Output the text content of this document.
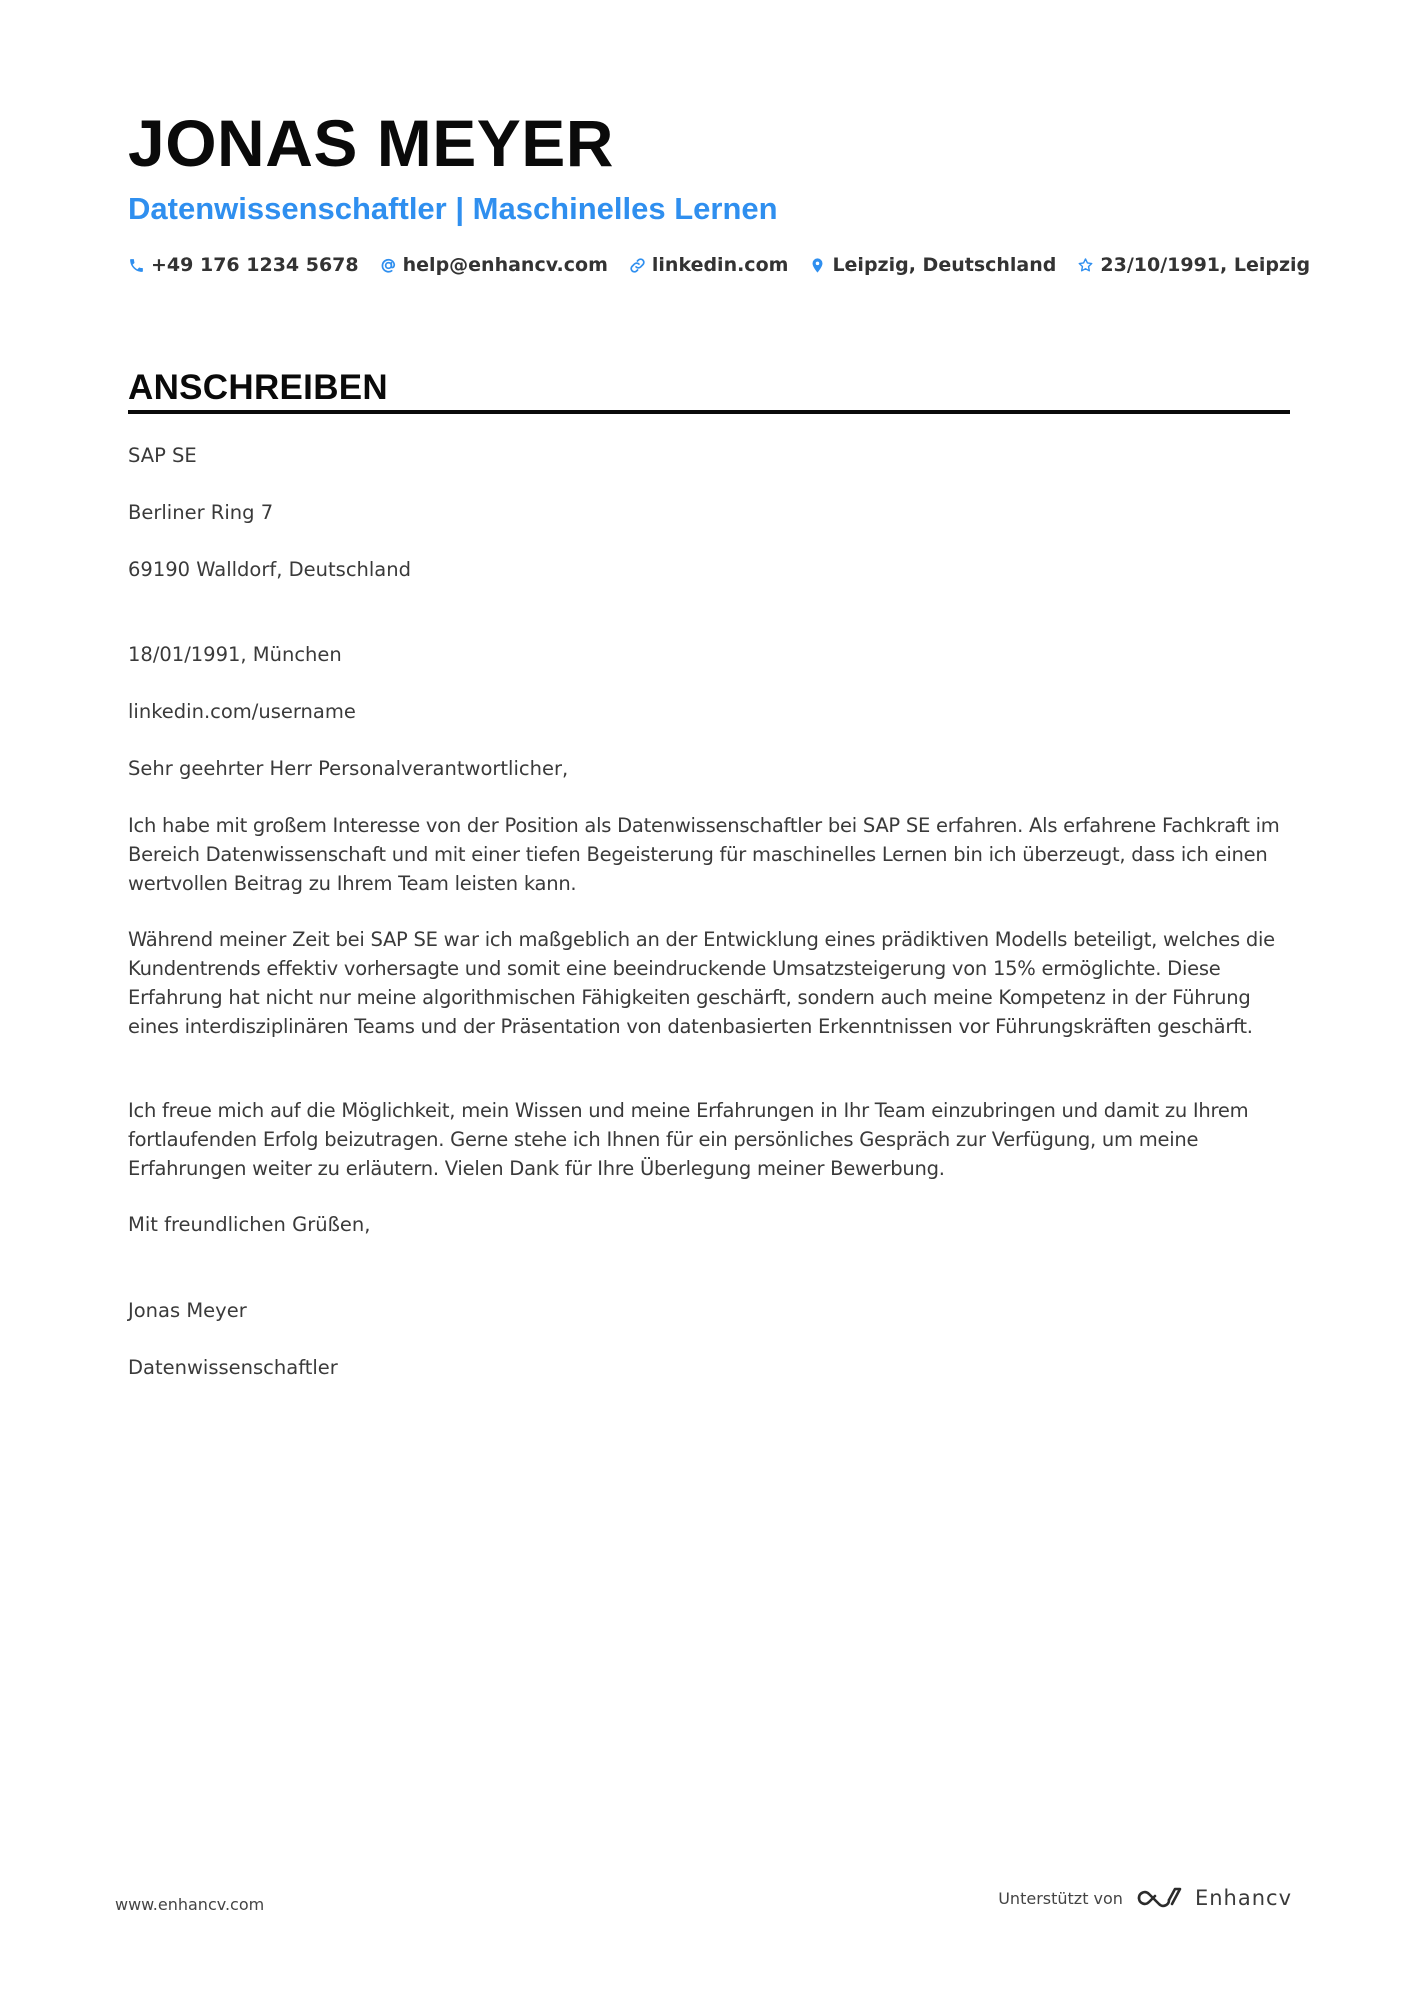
JONAS MEYER
Datenwissenschaftler | Maschinelles Lernen
+49 176 1234 5678 help@enhancv.com linkedin.com Leipzig, Deutschland 23/10/1991, Leipzig
ANSCHREIBEN

SAP SE

Berliner Ring 7

69190 Walldorf, Deutschland

18/01/1991, München

linkedin.com/username

Sehr geehrter Herr Personalverantwortlicher,

Ich habe mit großem Interesse von der Position als Datenwissenschaftler bei SAP SE erfahren. Als erfahrene Fachkraft im Bereich Datenwissenschaft und mit einer tiefen Begeisterung für maschinelles Lernen bin ich überzeugt, dass ich einen wertvollen Beitrag zu Ihrem Team leisten kann.

Während meiner Zeit bei SAP SE war ich maßgeblich an der Entwicklung eines prädiktiven Modells beteiligt, welches die Kundentrends effektiv vorhersagte und somit eine beeindruckende Umsatzsteigerung von 15% ermöglichte. Diese Erfahrung hat nicht nur meine algorithmischen Fähigkeiten geschärft, sondern auch meine Kompetenz in der Führung eines interdisziplinären Teams und der Präsentation von datenbasierten Erkenntnissen vor Führungskräften geschärft.

Ich freue mich auf die Möglichkeit, mein Wissen und meine Erfahrungen in Ihr Team einzubringen und damit zu Ihrem fortlaufenden Erfolg beizutragen. Gerne stehe ich Ihnen für ein persönliches Gespräch zur Verfügung, um meine Erfahrungen weiter zu erläutern. Vielen Dank für Ihre Überlegung meiner Bewerbung.

Mit freundlichen Grüßen,

Jonas Meyer

Datenwissenschaftler

www.enhancv.com	Unterstützt von	Enhancv
